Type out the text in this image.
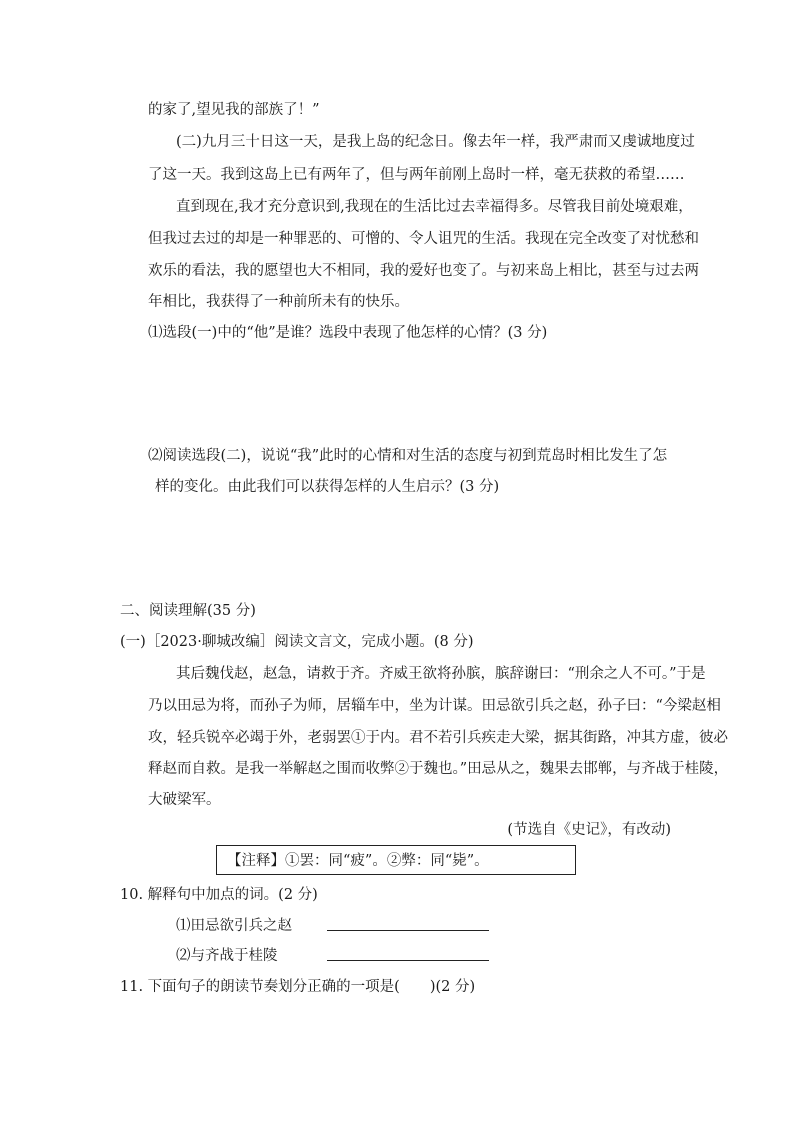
的家了,望见我的部族了！”
(二)九月三十日这一天，是我上岛的纪念日。像去年一样，我严肃而又虔诚地度过
了这一天。我到这岛上已有两年了，但与两年前刚上岛时一样，毫无获救的希望……
直到现在,我才充分意识到,我现在的生活比过去幸福得多。尽管我目前处境艰难，
但我过去过的却是一种罪恶的、可憎的、令人诅咒的生活。我现在完全改变了对忧愁和
欢乐的看法，我的愿望也大不相同，我的爱好也变了。与初来岛上相比，甚至与过去两
年相比，我获得了一种前所未有的快乐。
⑴选段(一)中的“他”是谁？选段中表现了他怎样的心情？(3 分)
⑵阅读选段(二)，说说“我”此时的心情和对生活的态度与初到荒岛时相比发生了怎
样的变化。由此我们可以获得怎样的人生启示？(3 分)
二、阅读理解(35 分)
(一)［2023·聊城改编］阅读文言文，完成小题。(8 分)
其后魏伐赵，赵急，请救于齐。齐威王欲将孙膑，膑辞谢曰：“刑余之人不可。”于是
乃以田忌为将，而孙子为师，居辎车中，坐为计谋。田忌欲引兵之赵，孙子曰：“今梁赵相
攻，轻兵锐卒必竭于外，老弱罢①于内。君不若引兵疾走大梁，据其街路，冲其方虚，彼必
释赵而自救。是我一举解赵之围而收弊②于魏也。”田忌从之，魏果去邯郸，与齐战于桂陵，
大破梁军。
(节选自《史记》，有改动)
【注释】①罢：同“疲”。②弊：同“毙”。
10. 解释句中加点的词。(2 分)
⑴田忌欲引兵之赵
⑵与齐战于桂陵
11. 下面句子的朗读节奏划分正确的一项是( )(2 分)
